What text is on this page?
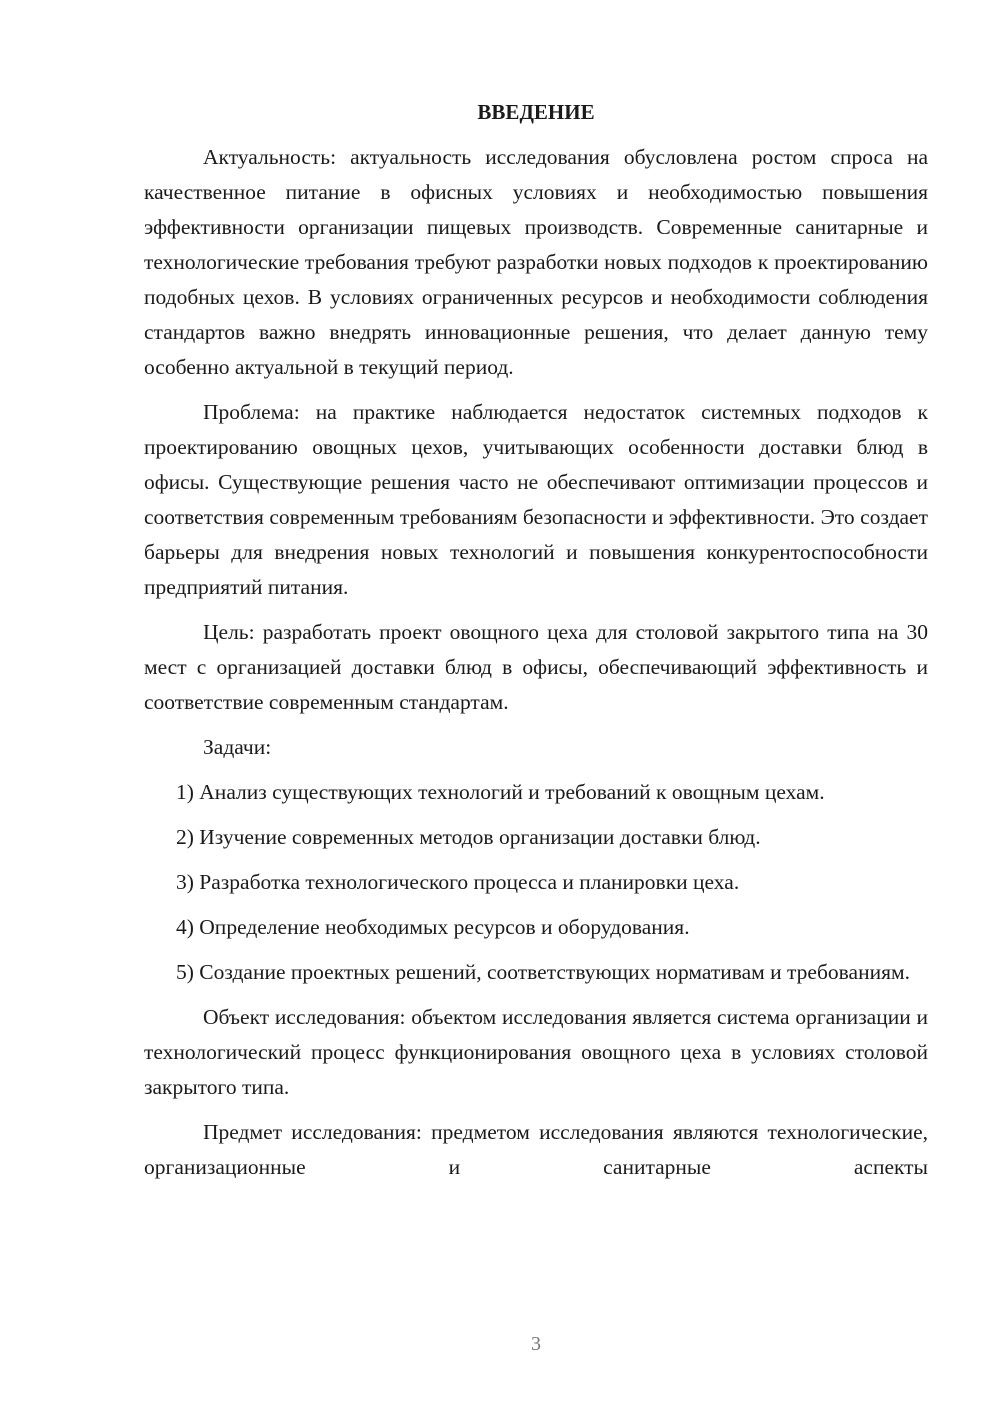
ВВЕДЕНИЕ

Актуальность: актуальность исследования обусловлена ростом спроса на качественное питание в офисных условиях и необходимостью повышения эффективности организации пищевых производств. Современные санитарные и технологические требования требуют разработки новых подходов к проектированию подобных цехов. В условиях ограниченных ресурсов и необходимости соблюдения стандартов важно внедрять инновационные решения, что делает данную тему особенно актуальной в текущий период.

Проблема: на практике наблюдается недостаток системных подходов к проектированию овощных цехов, учитывающих особенности доставки блюд в офисы. Существующие решения часто не обеспечивают оптимизации процессов и соответствия современным требованиям безопасности и эффективности. Это создает барьеры для внедрения новых технологий и повышения конкурентоспособности предприятий питания.

Цель: разработать проект овощного цеха для столовой закрытого типа на 30 мест с организацией доставки блюд в офисы, обеспечивающий эффективность и соответствие современным стандартам.

Задачи:

1) Анализ существующих технологий и требований к овощным цехам.

2) Изучение современных методов организации доставки блюд.

3) Разработка технологического процесса и планировки цеха.

4) Определение необходимых ресурсов и оборудования.

5) Создание проектных решений, соответствующих нормативам и требованиям.

Объект исследования: объектом исследования является система организации и технологический процесс функционирования овощного цеха в условиях столовой закрытого типа.

Предмет исследования: предметом исследования являются технологические, организационные и санитарные аспекты

3
